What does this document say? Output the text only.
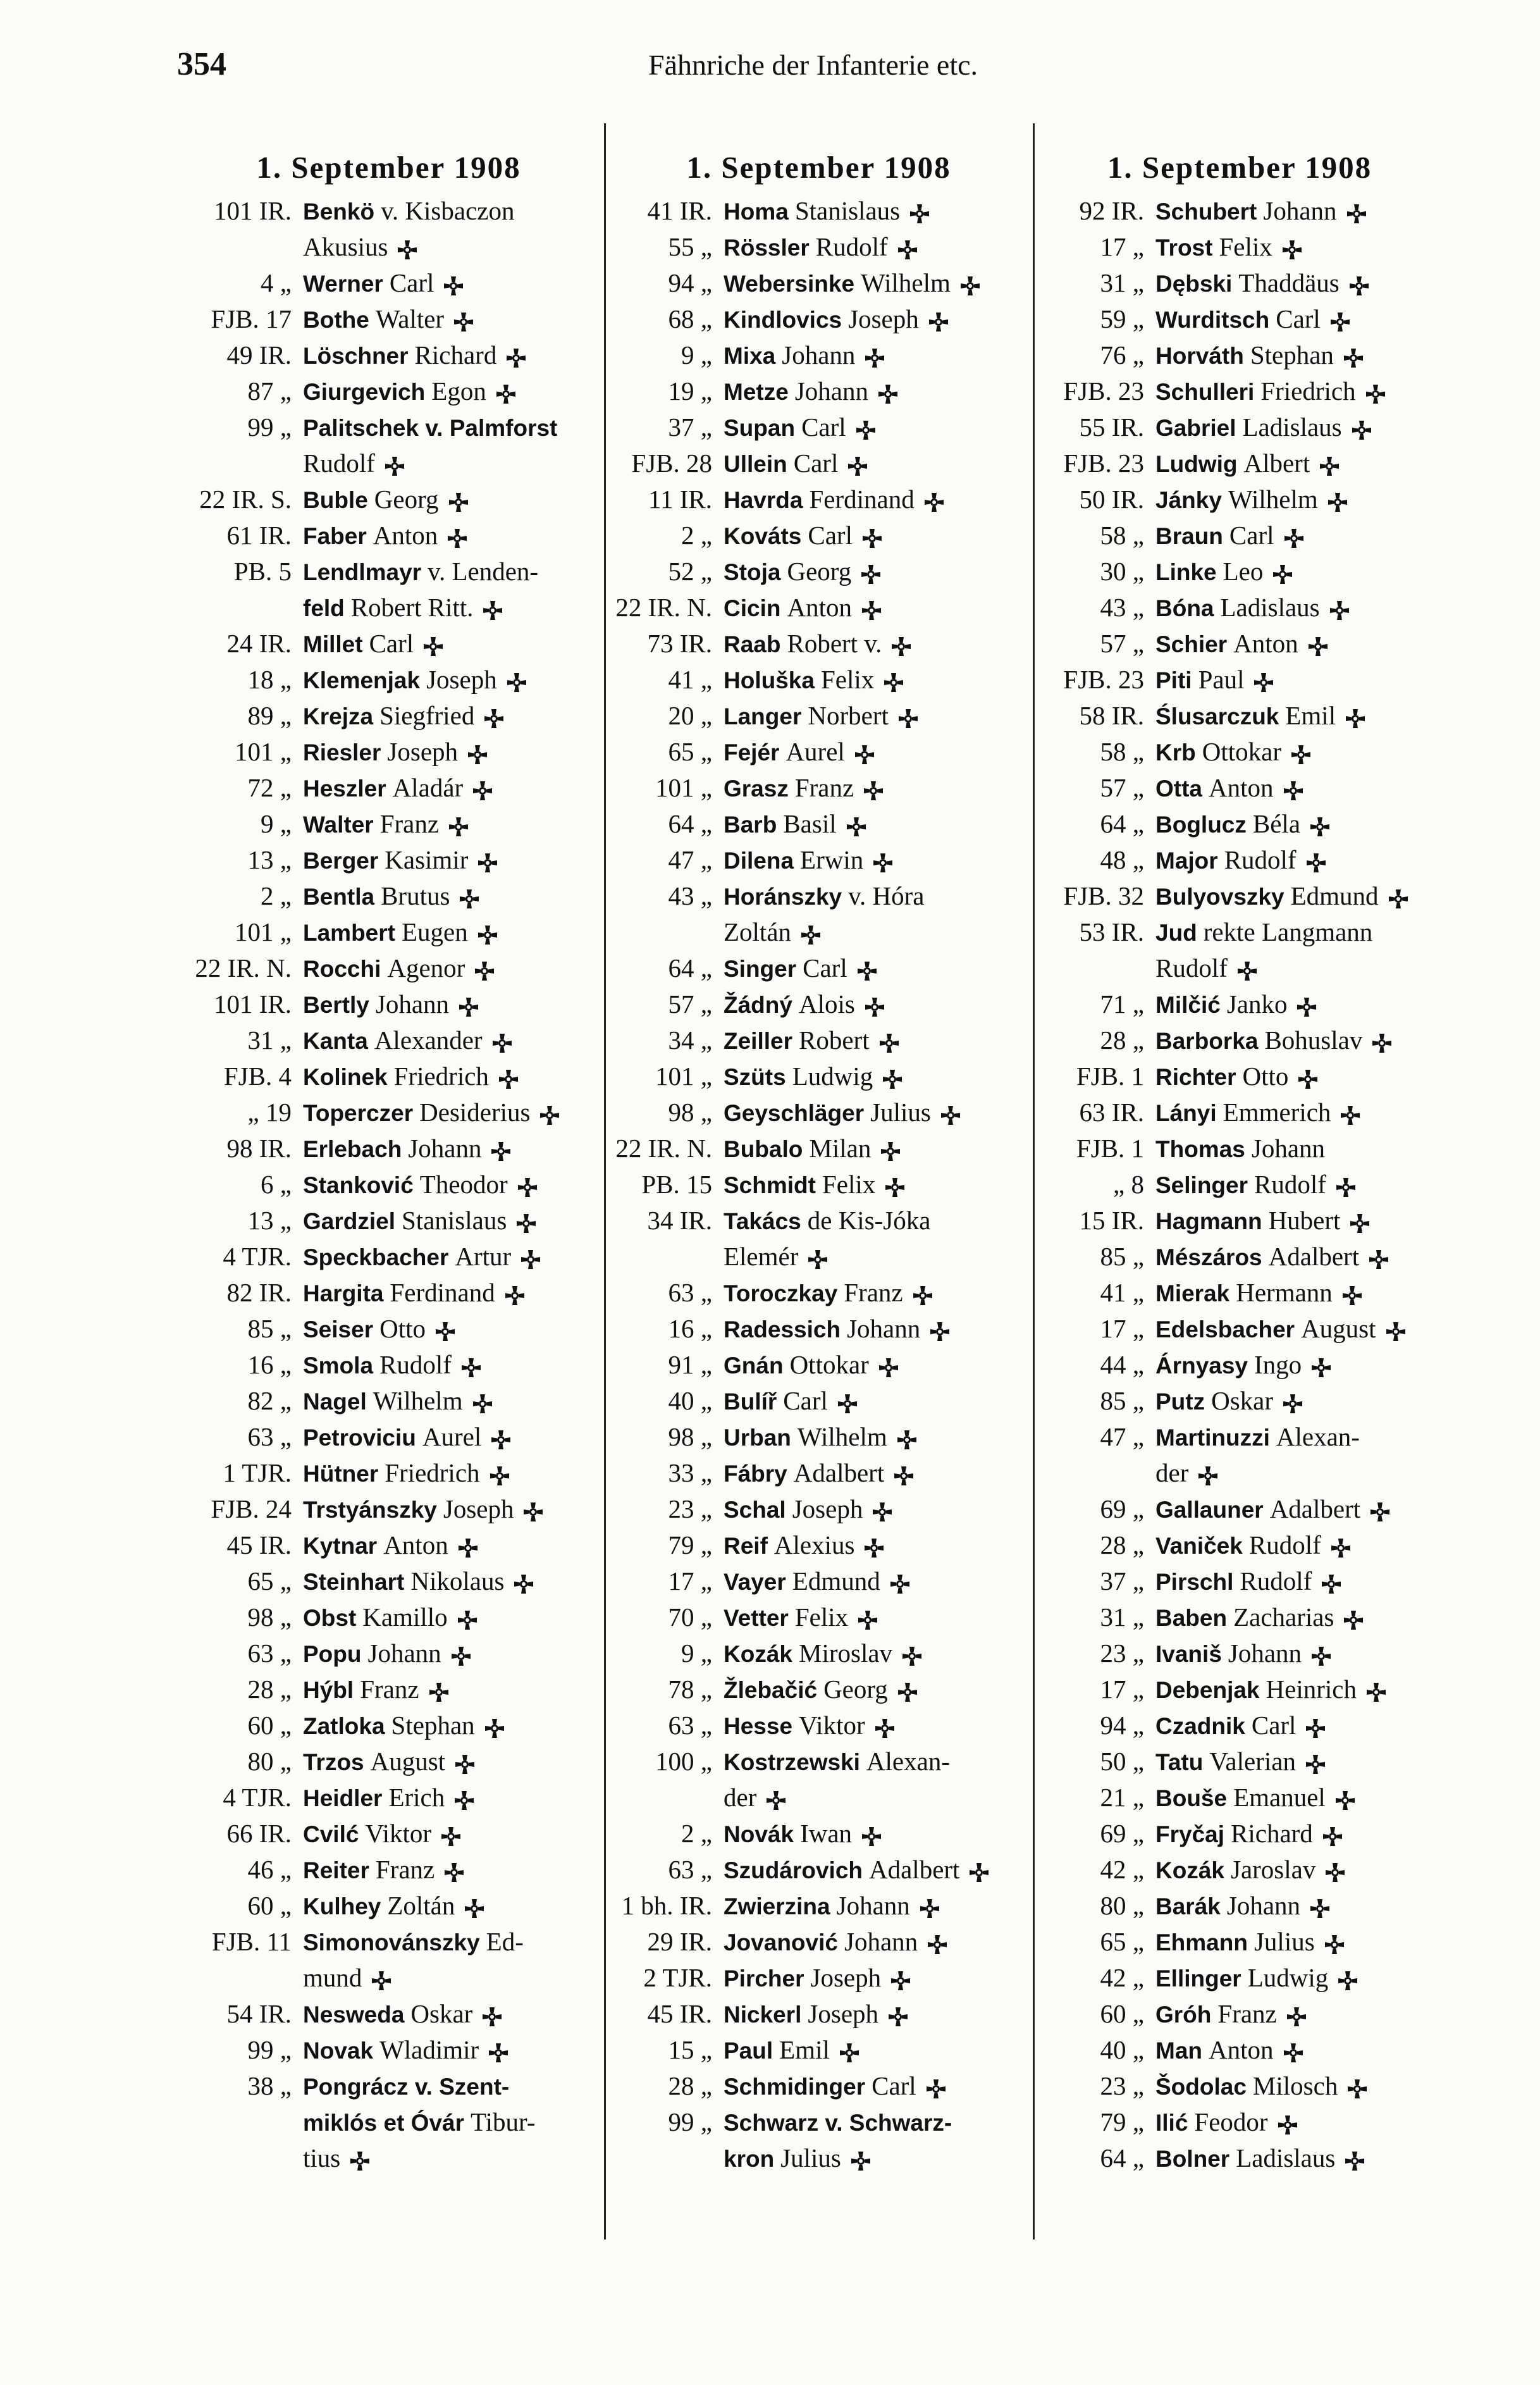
354	Fähnriche der Infanterie etc.
1. September 1908
101 IR. Benkö v. Kisbaczon
Akusius
4 „ Werner Carl
FJB. 17 Bothe Walter
49 IR. Löschner Richard
87 „ Giurgevich Egon
99 „ Palitschek v. Palmforst
Rudolf
22 IR. S. Buble Georg
61 IR. Faber Anton
PB. 5 Lendlmayr v. Lenden-
feld Robert Ritt.
24 IR. Millet Carl
18 „ Klemenjak Joseph
89 „ Krejza Siegfried
101 „ Riesler Joseph
72 „ Heszler Aladár
9 „ Walter Franz
13 „ Berger Kasimir
2 „ Bentla Brutus
101 „ Lambert Eugen
22 IR. N. Rocchi Agenor
101 IR. Bertly Johann
31 „ Kanta Alexander
FJB. 4 Kolinek Friedrich
„ 19 Toperczer Desiderius
98 IR. Erlebach Johann
6 „ Stanković Theodor
13 „ Gardziel Stanislaus
4 TJR. Speckbacher Artur
82 IR. Hargita Ferdinand
85 „ Seiser Otto
16 „ Smola Rudolf
82 „ Nagel Wilhelm
63 „ Petroviciu Aurel
1 TJR. Hütner Friedrich
FJB. 24 Trstyánszky Joseph
45 IR. Kytnar Anton
65 „ Steinhart Nikolaus
98 „ Obst Kamillo
63 „ Popu Johann
28 „ Hýbl Franz
60 „ Zatloka Stephan
80 „ Trzos August
4 TJR. Heidler Erich
66 IR. Cvilć Viktor
46 „ Reiter Franz
60 „ Kulhey Zoltán
FJB. 11 Simonovánszky Ed-
mund
54 IR. Nesweda Oskar
99 „ Novak Wladimir
38 „ Pongrácz v. Szent-
miklós et Óvár Tibur-
tius
1. September 1908
41 IR. Homa Stanislaus
55 „ Rössler Rudolf
94 „ Webersinke Wilhelm
68 „ Kindlovics Joseph
9 „ Mixa Johann
19 „ Metze Johann
37 „ Supan Carl
FJB. 28 Ullein Carl
11 IR. Havrda Ferdinand
2 „ Kováts Carl
52 „ Stoja Georg
22 IR. N. Cicin Anton
73 IR. Raab Robert v.
41 „ Holuška Felix
20 „ Langer Norbert
65 „ Fejér Aurel
101 „ Grasz Franz
64 „ Barb Basil
47 „ Dilena Erwin
43 „ Horánszky v. Hóra
Zoltán
64 „ Singer Carl
57 „ Žádný Alois
34 „ Zeiller Robert
101 „ Szüts Ludwig
98 „ Geyschläger Julius
22 IR. N. Bubalo Milan
PB. 15 Schmidt Felix
34 IR. Takács de Kis-Jóka
Elemér
63 „ Toroczkay Franz
16 „ Radessich Johann
91 „ Gnán Ottokar
40 „ Bulíř Carl
98 „ Urban Wilhelm
33 „ Fábry Adalbert
23 „ Schal Joseph
79 „ Reif Alexius
17 „ Vayer Edmund
70 „ Vetter Felix
9 „ Kozák Miroslav
78 „ Žlebačić Georg
63 „ Hesse Viktor
100 „ Kostrzewski Alexan-
der
2 „ Novák Iwan
63 „ Szudárovich Adalbert
1 bh. IR. Zwierzina Johann
29 IR. Jovanović Johann
2 TJR. Pircher Joseph
45 IR. Nickerl Joseph
15 „ Paul Emil
28 „ Schmidinger Carl
99 „ Schwarz v. Schwarz-
kron Julius
1. September 1908
92 IR. Schubert Johann
17 „ Trost Felix
31 „ Dębski Thaddäus
59 „ Wurditsch Carl
76 „ Horváth Stephan
FJB. 23 Schulleri Friedrich
55 IR. Gabriel Ladislaus
FJB. 23 Ludwig Albert
50 IR. Jánky Wilhelm
58 „ Braun Carl
30 „ Linke Leo
43 „ Bóna Ladislaus
57 „ Schier Anton
FJB. 23 Piti Paul
58 IR. Ślusarczuk Emil
58 „ Krb Ottokar
57 „ Otta Anton
64 „ Boglucz Béla
48 „ Major Rudolf
FJB. 32 Bulyovszky Edmund
53 IR. Jud rekte Langmann
Rudolf
71 „ Milčić Janko
28 „ Barborka Bohuslav
FJB. 1 Richter Otto
63 IR. Lányi Emmerich
FJB. 1 Thomas Johann
„ 8 Selinger Rudolf
15 IR. Hagmann Hubert
85 „ Mészáros Adalbert
41 „ Mierak Hermann
17 „ Edelsbacher August
44 „ Árnyasy Ingo
85 „ Putz Oskar
47 „ Martinuzzi Alexan-
der
69 „ Gallauner Adalbert
28 „ Vaniček Rudolf
37 „ Pirschl Rudolf
31 „ Baben Zacharias
23 „ Ivaniš Johann
17 „ Debenjak Heinrich
94 „ Czadnik Carl
50 „ Tatu Valerian
21 „ Bouše Emanuel
69 „ Fryčaj Richard
42 „ Kozák Jaroslav
80 „ Barák Johann
65 „ Ehmann Julius
42 „ Ellinger Ludwig
60 „ Gróh Franz
40 „ Man Anton
23 „ Šodolac Milosch
79 „ Ilić Feodor
64 „ Bolner Ladislaus
